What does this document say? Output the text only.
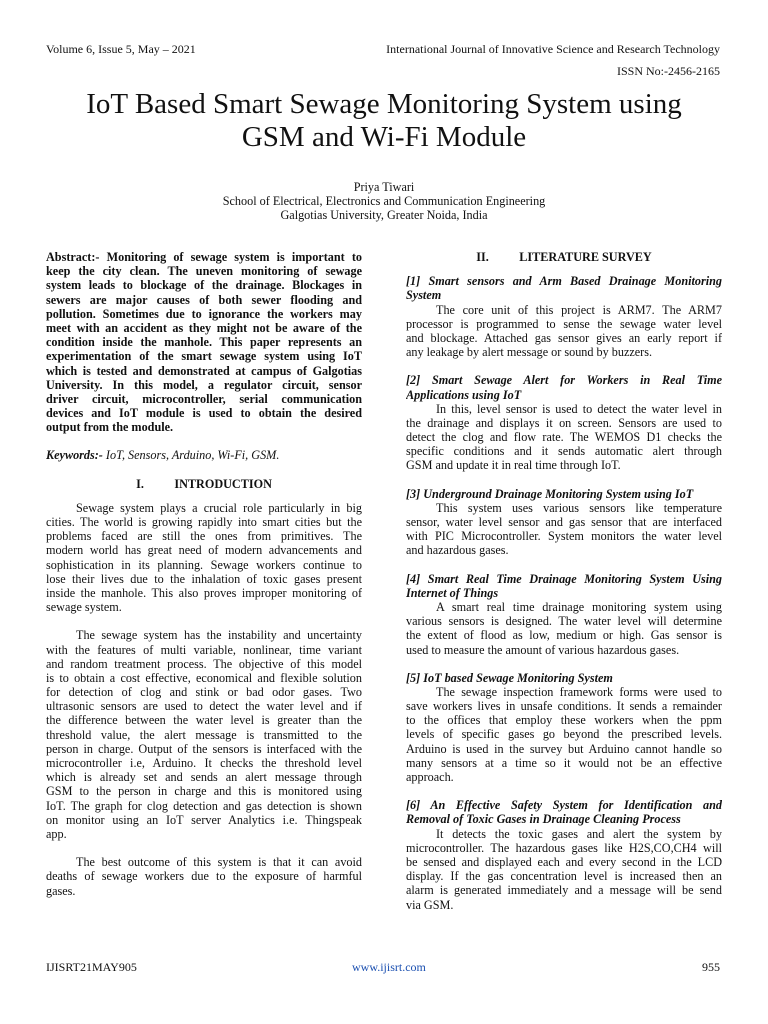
Volume 6, Issue 5, May – 2021	International Journal of Innovative Science and Research Technology
ISSN No:-2456-2165
IoT Based Smart Sewage Monitoring System using
GSM and Wi-Fi Module
Priya Tiwari
School of Electrical, Electronics and Communication Engineering
Galgotias University, Greater Noida, India
Abstract:- Monitoring of sewage system is important to
keep the city clean. The uneven monitoring of sewage
system leads to blockage of the drainage. Blockages in
sewers are major causes of both sewer flooding and
pollution. Sometimes due to ignorance the workers may
meet with an accident as they might not be aware of the
condition inside the manhole. This paper represents an
experimentation of the smart sewage system using IoT
which is tested and demonstrated at campus of Galgotias
University. In this model, a regulator circuit, sensor
driver circuit, microcontroller, serial communication
devices and IoT module is used to obtain the desired
output from the module.
Keywords:- IoT, Sensors, Arduino, Wi-Fi, GSM.
I.          INTRODUCTION
Sewage system plays a crucial role particularly in big
cities. The world is growing rapidly into smart cities but the
problems faced are still the ones from primitives. The
modern world has great need of modern advancements and
sophistication in its planning. Sewage workers continue to
lose their lives due to the inhalation of toxic gases present
inside the manhole. This also proves improper monitoring of
sewage system.
The sewage system has the instability and uncertainty
with the features of multi variable, nonlinear, time variant
and random treatment process. The objective of this model
is to obtain a cost effective, economical and flexible solution
for detection of clog and stink or bad odor gases. Two
ultrasonic sensors are used to detect the water level and if
the difference between the water level is greater than the
threshold value, the alert message is transmitted to the
person in charge. Output of the sensors is interfaced with the
microcontroller i.e, Arduino. It checks the threshold level
which is already set and sends an alert message through
GSM to the person in charge and this is monitored using
IoT. The graph for clog detection and gas detection is shown
on monitor using an IoT server Analytics i.e. Thingspeak
app.
The best outcome of this system is that it can avoid
deaths of sewage workers due to the exposure of harmful
gases.
II.          LITERATURE SURVEY
[1] Smart sensors and Arm Based Drainage Monitoring
System
The core unit of this project is ARM7. The ARM7
processor is programmed to sense the sewage water level
and blockage. Attached gas sensor gives an early report if
any leakage by alert message or sound by buzzers.
[2] Smart Sewage Alert for Workers in Real Time
Applications using IoT
In this, level sensor is used to detect the water level in
the drainage and displays it on screen. Sensors are used to
detect the clog and flow rate. The WEMOS D1 checks the
specific conditions and it sends automatic alert through
GSM and update it in real time through IoT.
[3] Underground Drainage Monitoring System using IoT
This system uses various sensors like temperature
sensor, water level sensor and gas sensor that are interfaced
with PIC Microcontroller. System monitors the water level
and hazardous gases.
[4] Smart Real Time Drainage Monitoring System Using
Internet of Things
A smart real time drainage monitoring system using
various sensors is designed. The water level will determine
the extent of flood as low, medium or high. Gas sensor is
used to measure the amount of various hazardous gases.
[5] IoT based Sewage Monitoring System
The sewage inspection framework forms were used to
save workers lives in unsafe conditions. It sends a remainder
to the offices that employ these workers when the ppm
levels of specific gases go beyond the prescribed levels.
Arduino is used in the survey but Arduino cannot handle so
many sensors at a time so it would not be an effective
approach.
[6] An Effective Safety System for Identification and
Removal of Toxic Gases in Drainage Cleaning Process
It detects the toxic gases and alert the system by
microcontroller. The hazardous gases like H2S,CO,CH4 will
be sensed and displayed each and every second in the LCD
display. If the gas concentration level is increased then an
alarm is generated immediately and a message will be send
via GSM.
IJISRT21MAY905	www.ijisrt.com	955
